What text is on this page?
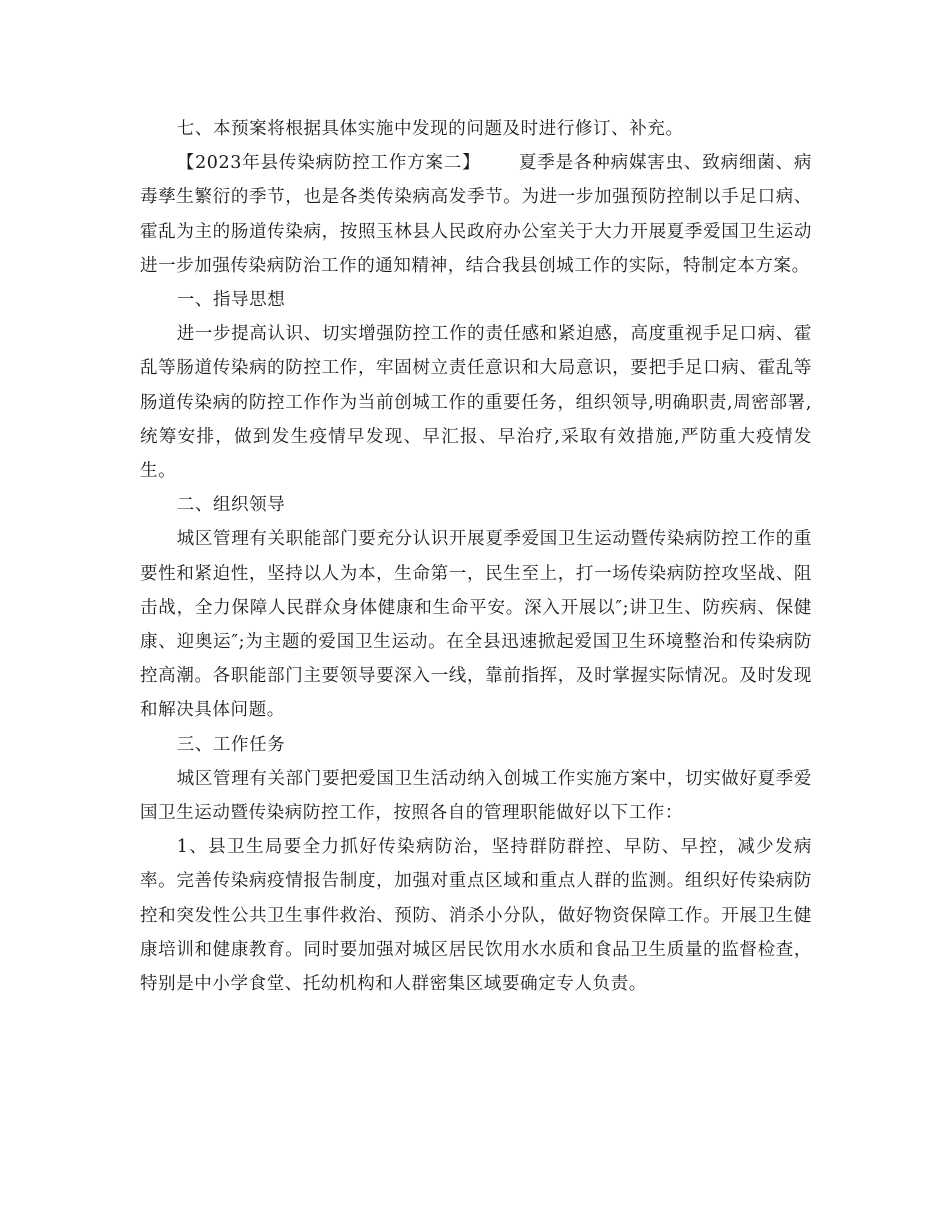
七、本预案将根据具体实施中发现的问题及时进行修订、补充。

【2023年县传染病防控工作方案二】 夏季是各种病媒害虫、致病细菌、病毒孳生繁衍的季节，也是各类传染病高发季节。为进一步加强预防控制以手足口病、霍乱为主的肠道传染病，按照玉林县人民政府办公室关于大力开展夏季爱国卫生运动进一步加强传染病防治工作的通知精神，结合我县创城工作的实际，特制定本方案。

一、指导思想

进一步提高认识、切实增强防控工作的责任感和紧迫感，高度重视手足口病、霍乱等肠道传染病的防控工作，牢固树立责任意识和大局意识，要把手足口病、霍乱等肠道传染病的防控工作作为当前创城工作的重要任务，组织领导,明确职责,周密部署,统筹安排，做到发生疫情早发现、早汇报、早治疗,采取有效措施,严防重大疫情发生。

二、组织领导

城区管理有关职能部门要充分认识开展夏季爱国卫生运动暨传染病防控工作的重要性和紧迫性，坚持以人为本，生命第一，民生至上，打一场传染病防控攻坚战、阻击战，全力保障人民群众身体健康和生命平安。深入开展以″;讲卫生、防疾病、保健康、迎奥运″;为主题的爱国卫生运动。在全县迅速掀起爱国卫生环境整治和传染病防控高潮。各职能部门主要领导要深入一线，靠前指挥，及时掌握实际情况。及时发现和解决具体问题。

三、工作任务

城区管理有关部门要把爱国卫生活动纳入创城工作实施方案中，切实做好夏季爱国卫生运动暨传染病防控工作，按照各自的管理职能做好以下工作：

1、县卫生局要全力抓好传染病防治，坚持群防群控、早防、早控，减少发病率。完善传染病疫情报告制度，加强对重点区域和重点人群的监测。组织好传染病防控和突发性公共卫生事件救治、预防、消杀小分队，做好物资保障工作。开展卫生健康培训和健康教育。同时要加强对城区居民饮用水水质和食品卫生质量的监督检查，特别是中小学食堂、托幼机构和人群密集区域要确定专人负责。
